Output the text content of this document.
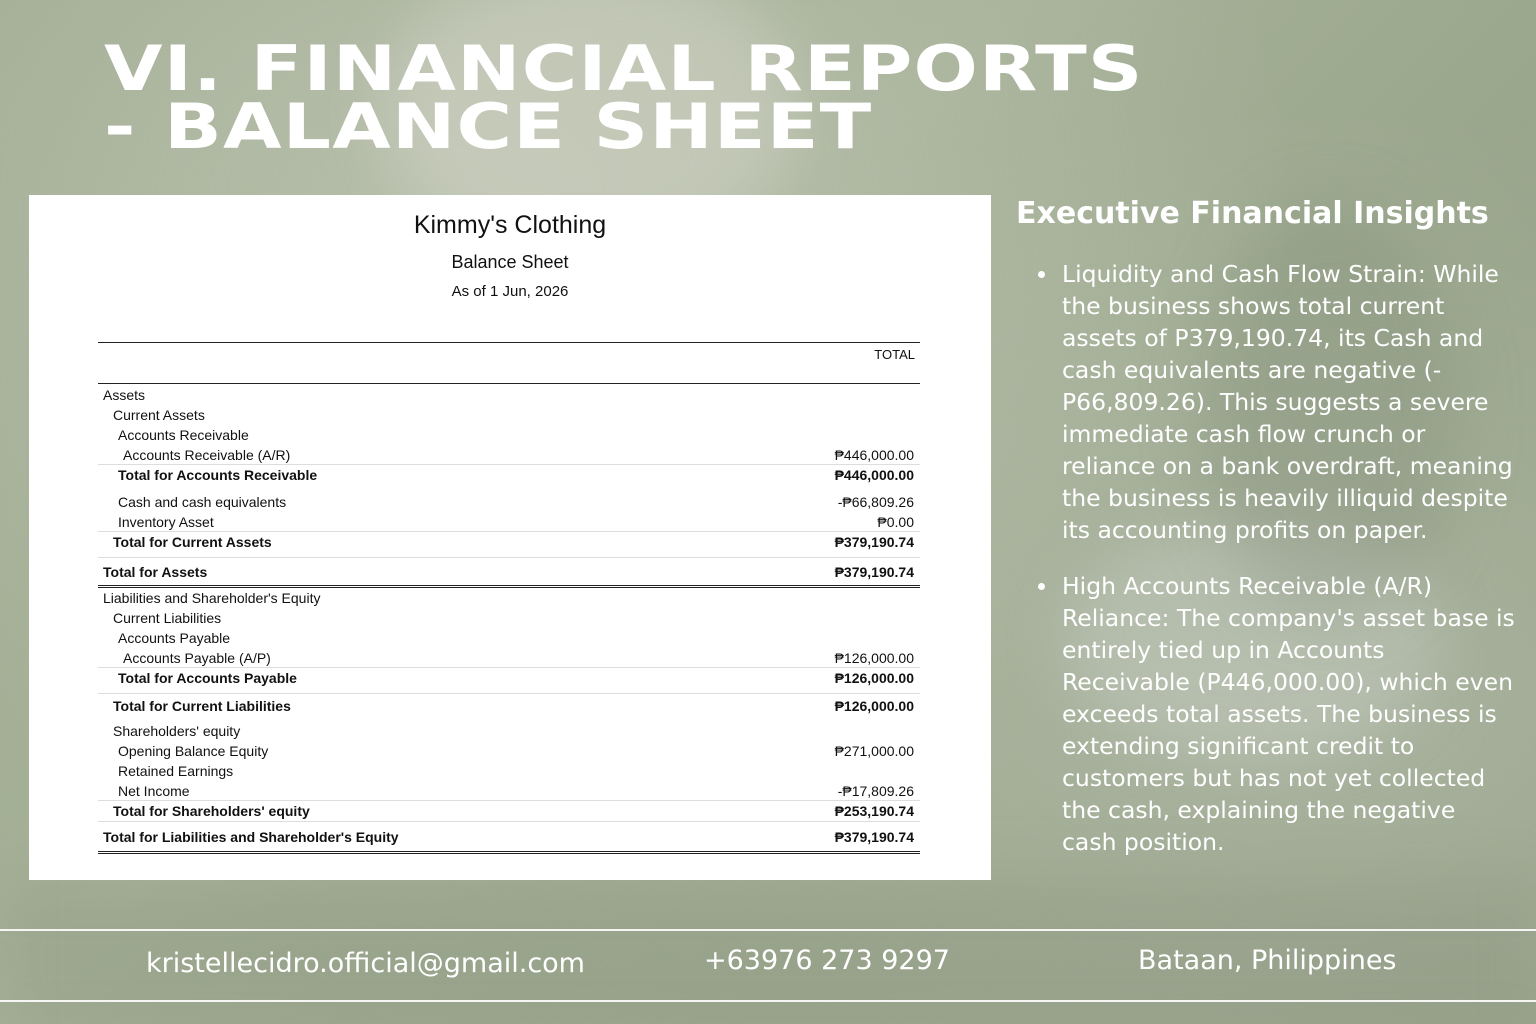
VI. FINANCIAL REPORTS
- BALANCE SHEET
Kimmy's Clothing
Balance Sheet
As of 1 Jun, 2026
TOTAL
Assets
Current Assets
Accounts Receivable
Accounts Receivable (A/R)	₱446,000.00
Total for Accounts Receivable	₱446,000.00
Cash and cash equivalents	-₱66,809.26
Inventory Asset	₱0.00
Total for Current Assets	₱379,190.74
Total for Assets	₱379,190.74
Liabilities and Shareholder's Equity
Current Liabilities
Accounts Payable
Accounts Payable (A/P)	₱126,000.00
Total for Accounts Payable	₱126,000.00
Total for Current Liabilities	₱126,000.00
Shareholders' equity
Opening Balance Equity	₱271,000.00
Retained Earnings
Net Income	-₱17,809.26
Total for Shareholders' equity	₱253,190.74
Total for Liabilities and Shareholder's Equity	₱379,190.74
Executive Financial Insights
Liquidity and Cash Flow Strain: While the business shows total current assets of P379,190.74, its Cash and cash equivalents are negative (-P66,809.26). This suggests a severe immediate cash flow crunch or reliance on a bank overdraft, meaning the business is heavily illiquid despite its accounting profits on paper.
High Accounts Receivable (A/R) Reliance: The company's asset base is entirely tied up in Accounts Receivable (P446,000.00), which even exceeds total assets. The business is extending significant credit to customers but has not yet collected the cash, explaining the negative cash position.
kristellecidro.official@gmail.com	+63976 273 9297	Bataan, Philippines
